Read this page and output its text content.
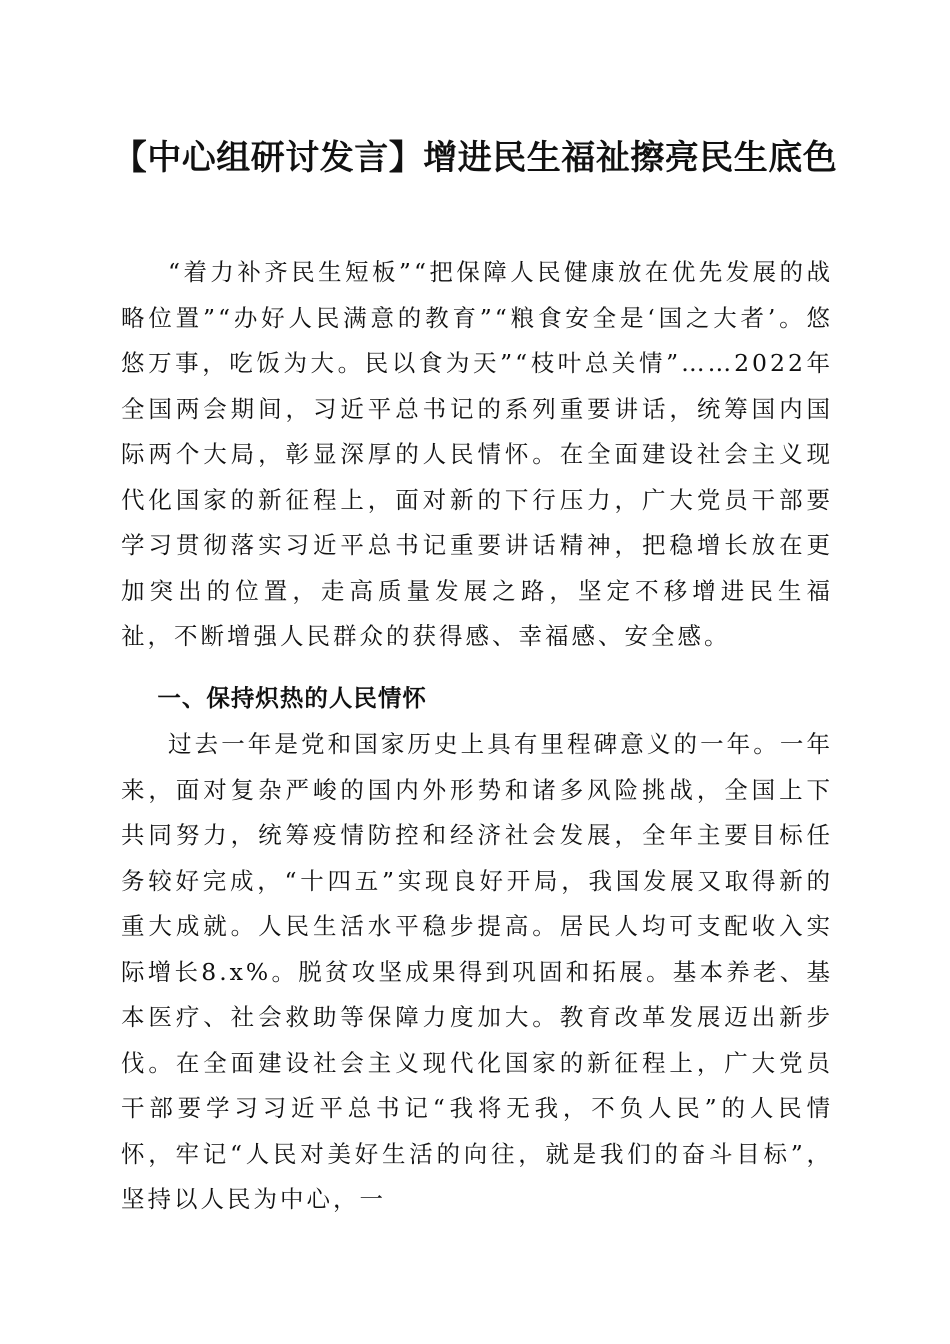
【中心组研讨发言】增进民生福祉擦亮民生底色

“着力补齐民生短板”“把保障人民健康放在优先发展的战略位置”“办好人民满意的教育”“粮食安全是‘国之大者’。悠悠万事，吃饭为大。民以食为天”“枝叶总关情”……2022年全国两会期间，习近平总书记的系列重要讲话，统筹国内国际两个大局，彰显深厚的人民情怀。在全面建设社会主义现代化国家的新征程上，面对新的下行压力，广大党员干部要学习贯彻落实习近平总书记重要讲话精神，把稳增长放在更加突出的位置，走高质量发展之路，坚定不移增进民生福祉，不断增强人民群众的获得感、幸福感、安全感。

一、保持炽热的人民情怀

过去一年是党和国家历史上具有里程碑意义的一年。一年来，面对复杂严峻的国内外形势和诸多风险挑战，全国上下共同努力，统筹疫情防控和经济社会发展，全年主要目标任务较好完成，“十四五”实现良好开局，我国发展又取得新的重大成就。人民生活水平稳步提高。居民人均可支配收入实际增长8.x%。脱贫攻坚成果得到巩固和拓展。基本养老、基本医疗、社会救助等保障力度加大。教育改革发展迈出新步伐。在全面建设社会主义现代化国家的新征程上，广大党员干部要学习习近平总书记“我将无我，不负人民”的人民情怀，牢记“人民对美好生活的向往，就是我们的奋斗目标”，坚持以人民为中心，一
